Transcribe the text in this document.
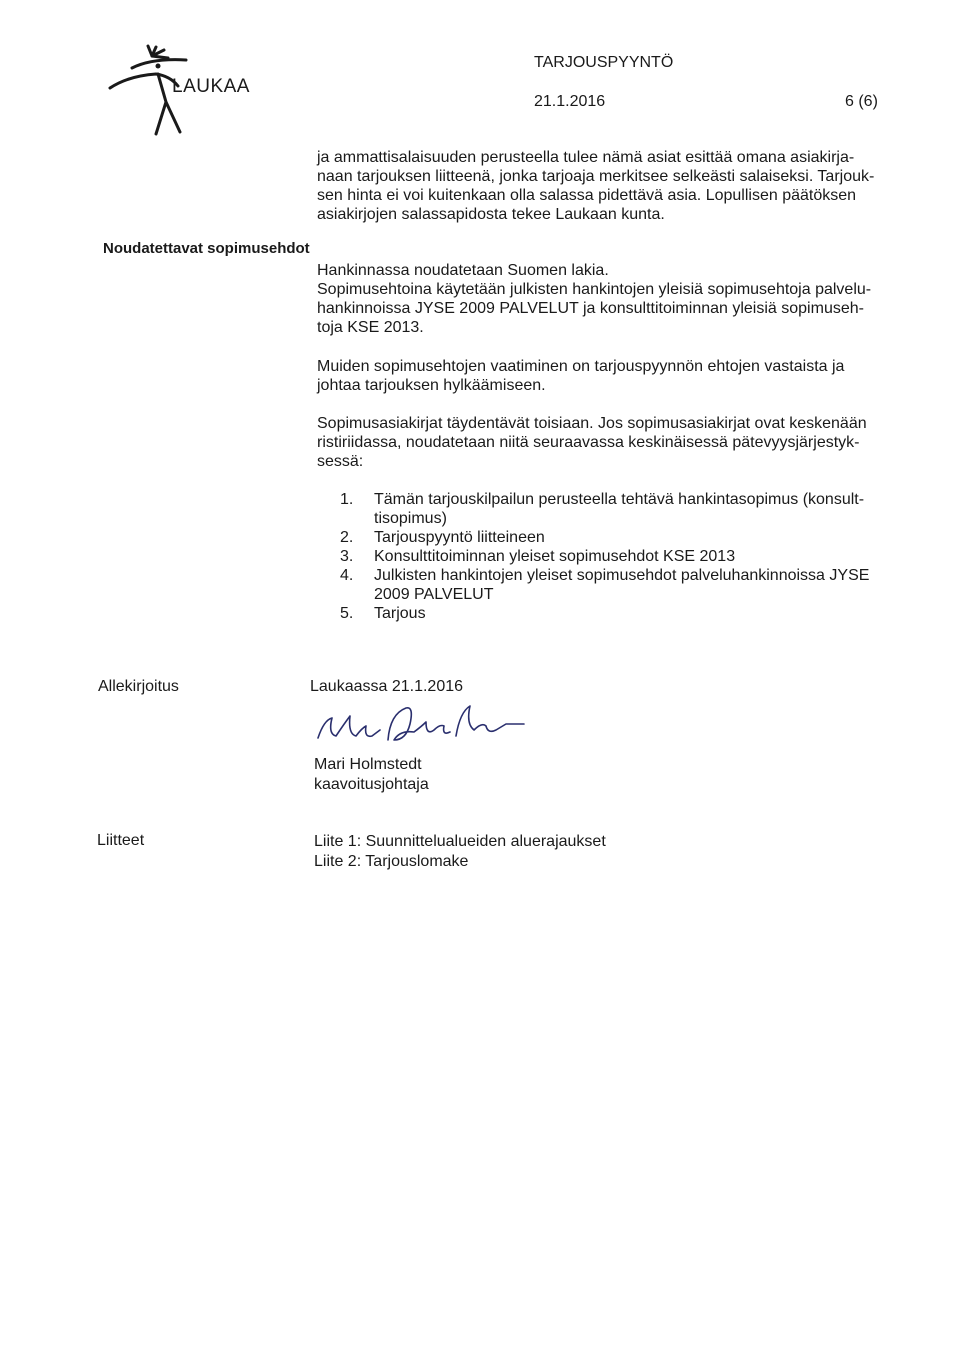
LAUKAA
TARJOUSPYYNTÖ
21.1.2016	6 (6)
ja ammattisalaisuuden perusteella tulee nämä asiat esittää omana asiakirja-
naan tarjouksen liitteenä, jonka tarjoaja merkitsee selkeästi salaiseksi. Tarjouk-
sen hinta ei voi kuitenkaan olla salassa pidettävä asia. Lopullisen päätöksen
asiakirjojen salassapidosta tekee Laukaan kunta.
Noudatettavat sopimusehdot
Hankinnassa noudatetaan Suomen lakia.
Sopimusehtoina käytetään julkisten hankintojen yleisiä sopimusehtoja palvelu-
hankinnoissa JYSE 2009 PALVELUT ja konsulttitoiminnan yleisiä sopimuseh-
toja KSE 2013.
Muiden sopimusehtojen vaatiminen on tarjouspyynnön ehtojen vastaista ja
johtaa tarjouksen hylkäämiseen.
Sopimusasiakirjat täydentävät toisiaan. Jos sopimusasiakirjat ovat keskenään
ristiriidassa, noudatetaan niitä seuraavassa keskinäisessä pätevyysjärjestyk-
sessä:
1.	Tämän tarjouskilpailun perusteella tehtävä hankintasopimus (konsult-
tisopimus)
2.	Tarjouspyyntö liitteineen
3.	Konsulttitoiminnan yleiset sopimusehdot KSE 2013
4.	Julkisten hankintojen yleiset sopimusehdot palveluhankinnoissa JYSE
2009 PALVELUT
5.	Tarjous
Allekirjoitus	Laukaassa 21.1.2016
Mari Holmstedt
kaavoitusjohtaja
Liitteet	Liite 1: Suunnittelualueiden aluerajaukset
Liite 2: Tarjouslomake
